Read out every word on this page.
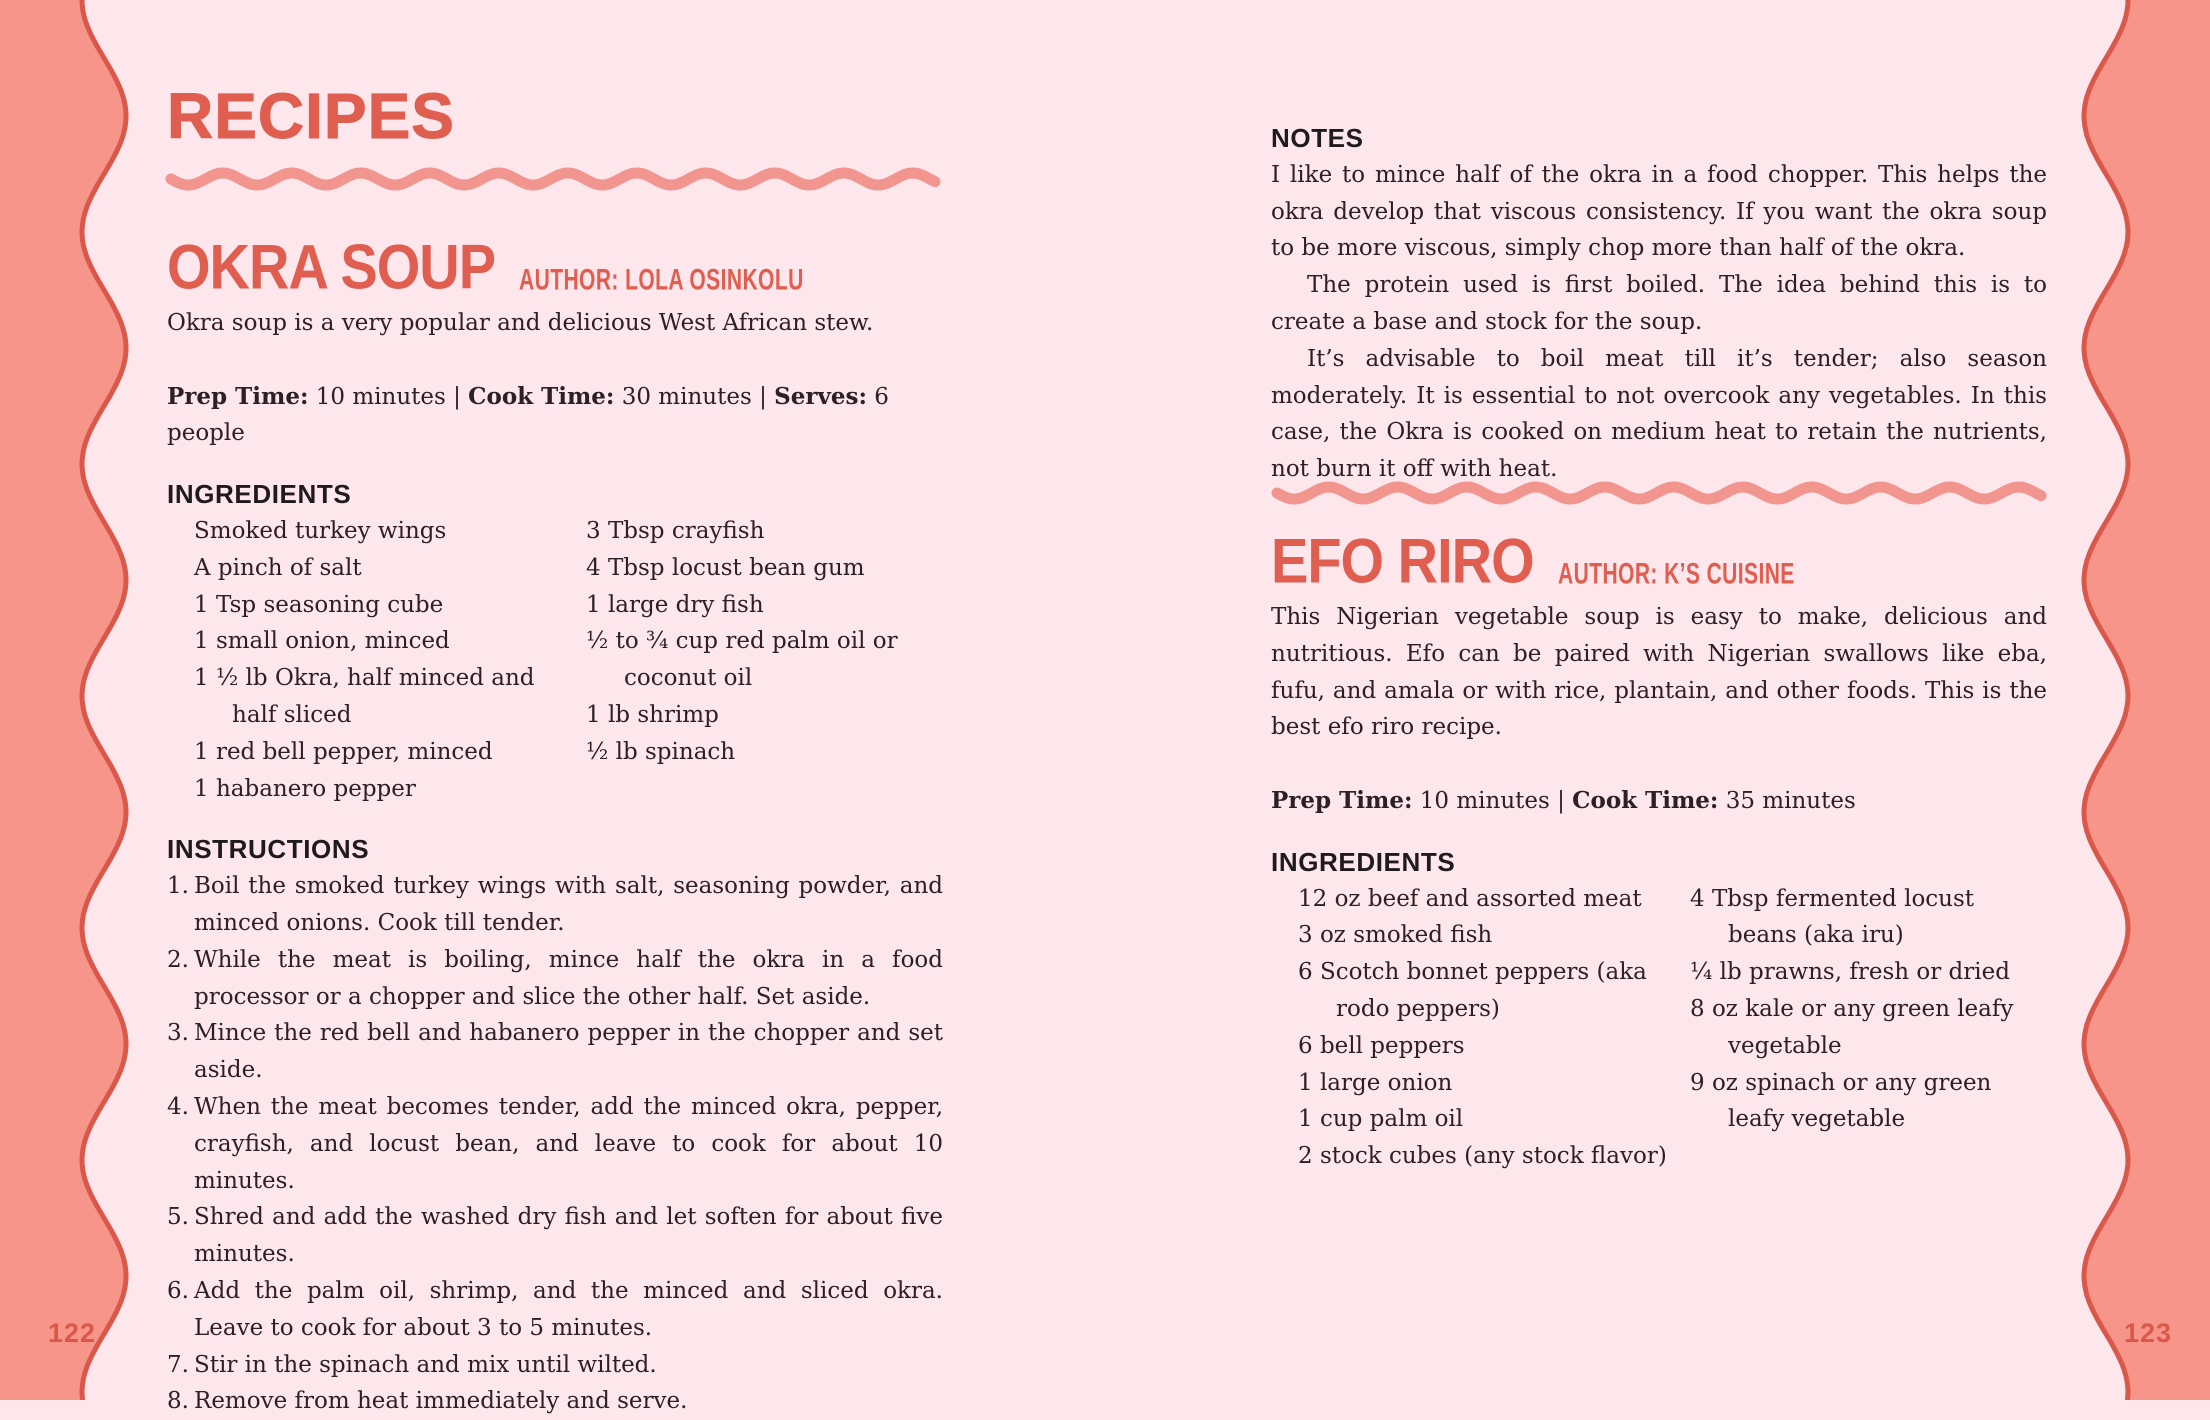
122	123
RECIPES
OKRA SOUP AUTHOR: LOLA OSINKOLU

Okra soup is a very popular and delicious West African stew.

Prep Time: 10 minutes | Cook Time: 30 minutes | Serves: 6 people

INGREDIENTS
Smoked turkey wings
A pinch of salt
1 Tsp seasoning cube
1 small onion, minced
1 ½ lb Okra, half minced and half sliced
1 red bell pepper, minced
1 habanero pepper
3 Tbsp crayfish
4 Tbsp locust bean gum
1 large dry fish
½ to ¾ cup red palm oil or coconut oil
1 lb shrimp
½ lb spinach
INSTRUCTIONS
1. Boil the smoked turkey wings with salt, seasoning powder, and minced onions. Cook till tender.
2. While the meat is boiling, mince half the okra in a food processor or a chopper and slice the other half. Set aside.
3. Mince the red bell and habanero pepper in the chopper and set aside.
4. When the meat becomes tender, add the minced okra, pepper, crayfish, and locust bean, and leave to cook for about 10 minutes.
5. Shred and add the washed dry fish and let soften for about five minutes.
6. Add the palm oil, shrimp, and the minced and sliced okra. Leave to cook for about 3 to 5 minutes.
7. Stir in the spinach and mix until wilted.
8. Remove from heat immediately and serve.
NOTES

I like to mince half of the okra in a food chopper. This helps the okra develop that viscous consistency. If you want the okra soup to be more viscous, simply chop more than half of the okra.

The protein used is first boiled. The idea behind this is to create a base and stock for the soup.

It’s advisable to boil meat till it’s tender; also season moderately. It is essential to not overcook any vegetables. In this case, the Okra is cooked on medium heat to retain the nutrients, not burn it off with heat.

EFO RIRO AUTHOR: K’S CUISINE

This Nigerian vegetable soup is easy to make, delicious and nutritious. Efo can be paired with Nigerian swallows like eba, fufu, and amala or with rice, plantain, and other foods. This is the best efo riro recipe.

Prep Time: 10 minutes | Cook Time: 35 minutes

INGREDIENTS
12 oz beef and assorted meat
3 oz smoked fish
6 Scotch bonnet peppers (aka rodo peppers)
6 bell peppers
1 large onion
1 cup palm oil
2 stock cubes (any stock flavor)
4 Tbsp fermented locust beans (aka iru)
¼ lb prawns, fresh or dried
8 oz kale or any green leafy vegetable
9 oz spinach or any green leafy vegetable
